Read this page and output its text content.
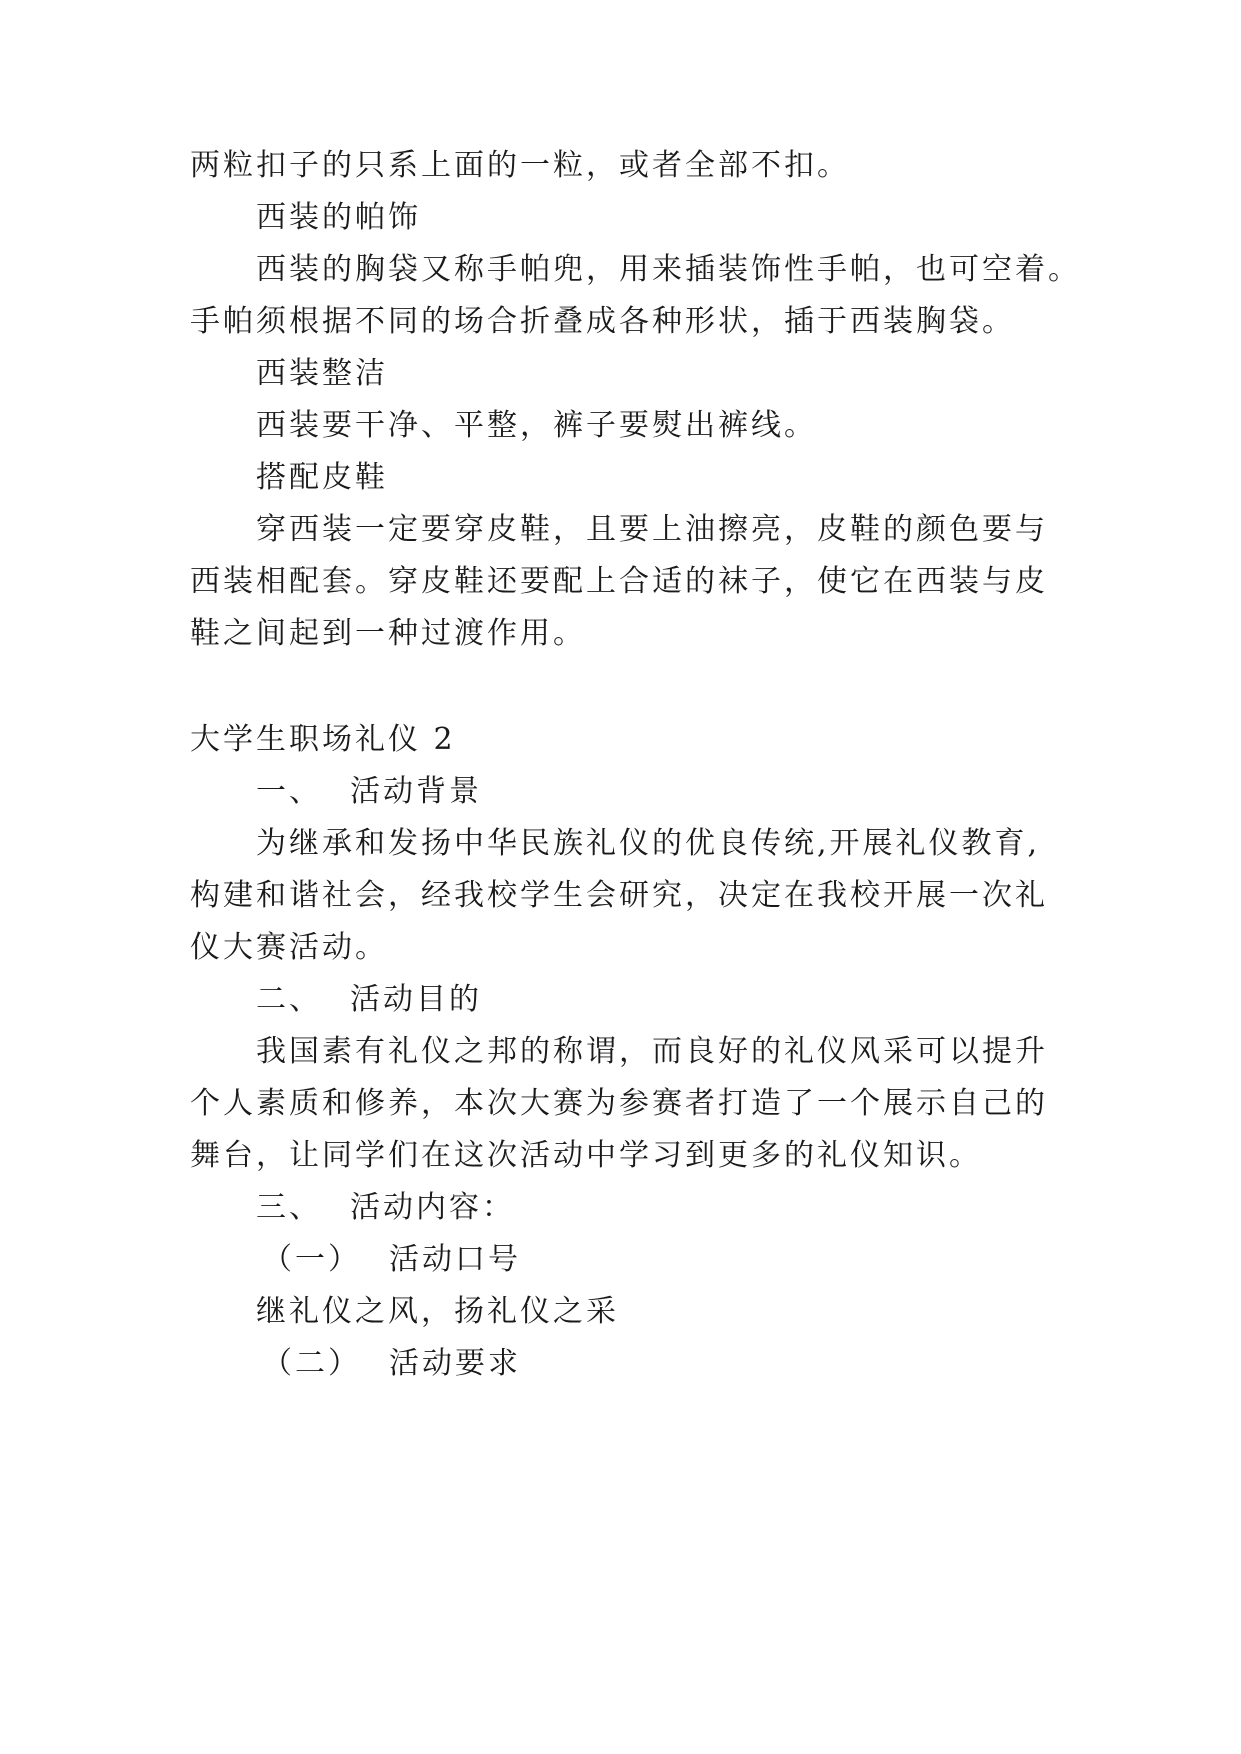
两粒扣子的只系上面的一粒，或者全部不扣。
西装的帕饰
西装的胸袋又称手帕兜，用来插装饰性手帕，也可空着。
手帕须根据不同的场合折叠成各种形状，插于西装胸袋。
西装整洁
西装要干净、平整，裤子要熨出裤线。
搭配皮鞋
穿西装一定要穿皮鞋，且要上油擦亮，皮鞋的颜色要与
西装相配套。穿皮鞋还要配上合适的袜子，使它在西装与皮
鞋之间起到一种过渡作用。
大学生职场礼仪 2
一、 活动背景
为继承和发扬中华民族礼仪的优良传统,开展礼仪教育,
构建和谐社会，经我校学生会研究，决定在我校开展一次礼
仪大赛活动。
二、 活动目的
我国素有礼仪之邦的称谓，而良好的礼仪风采可以提升
个人素质和修养，本次大赛为参赛者打造了一个展示自己的
舞台，让同学们在这次活动中学习到更多的礼仪知识。
三、 活动内容：
（一） 活动口号
继礼仪之风，扬礼仪之采
（二） 活动要求
